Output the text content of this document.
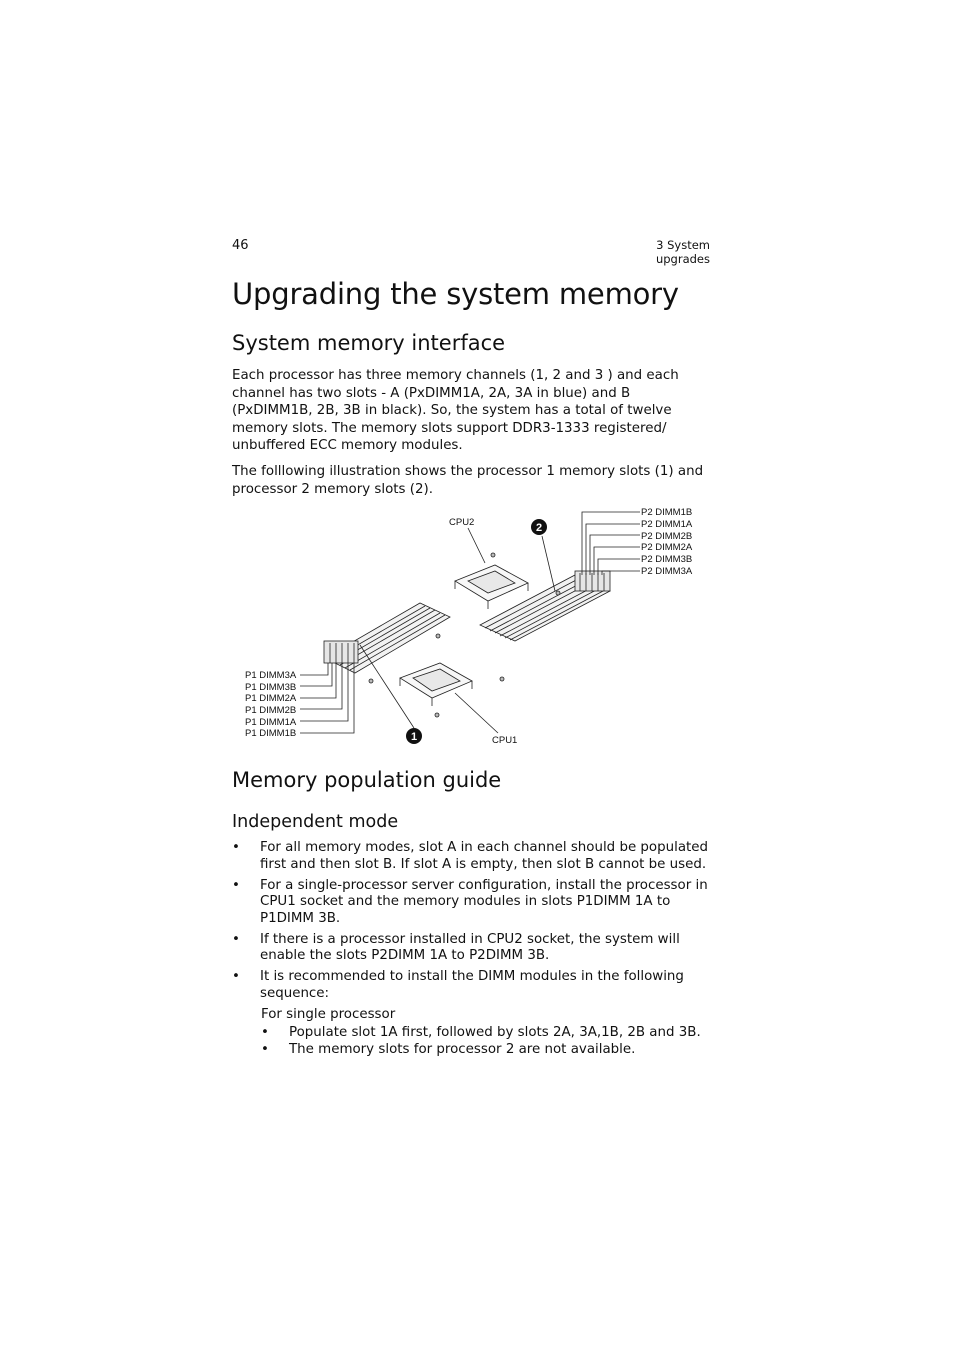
46	3 System upgrades
Upgrading the system memory
System memory interface

Each processor has three memory channels (1, 2 and 3 ) and each channel has two slots - A (PxDIMM1A, 2A, 3A in blue) and B (PxDIMM1B, 2B, 3B in black). So, the system has a total of twelve memory slots. The memory slots support DDR3-1333 registered/ unbuffered ECC memory modules.

The folllowing illustration shows the processor 1 memory slots (1) and processor 2 memory slots (2).

P2 DIMM1B
P2 DIMM1A
P2 DIMM2B
P2 DIMM2A
P2 DIMM3B
P2 DIMM3A
P1 DIMM3A
P1 DIMM3B
P1 DIMM2A
P1 DIMM2B
P1 DIMM1A
P1 DIMM1B
CPU2
CPU1
2
1
Memory population guide
Independent mode
• For all memory modes, slot A in each channel should be populated first and then slot B. If slot A is empty, then slot B cannot be used.
• For a single-processor server configuration, install the processor in CPU1 socket and the memory modules in slots P1DIMM 1A to P1DIMM 3B.
• If there is a processor installed in CPU2 socket, the system will enable the slots P2DIMM 1A to P2DIMM 3B.
• It is recommended to install the DIMM modules in the following sequence:
For single processor
• Populate slot 1A first, followed by slots 2A, 3A,1B, 2B and 3B.
• The memory slots for processor 2 are not available.
